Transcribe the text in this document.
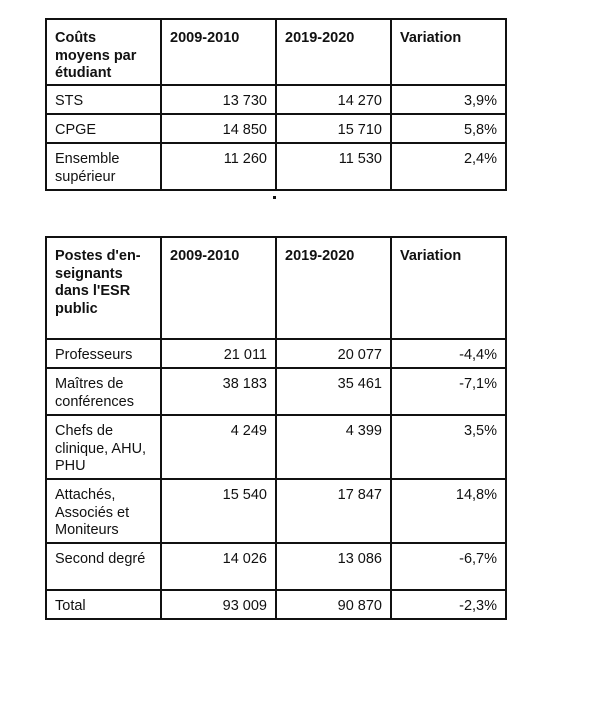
Coûts moyens par étudiant	2009-2010	2019-2020	Variation

STS	13 730	14 270	3,9%

CPGE	14 850	15 710	5,8%

Ensemble supérieur	11 260	11 530	2,4%
Postes d'en-seignants dans l'ESR public	2009-2010	2019-2020	Variation

Professeurs	21 011	20 077	-4,4%

Maîtres de conférences	38 183	35 461	-7,1%

Chefs de clinique, AHU, PHU	4 249	4 399	3,5%

Attachés, Associés et Moniteurs	15 540	17 847	14,8%

Second degré	14 026	13 086	-6,7%

Total	93 009	90 870	-2,3%
